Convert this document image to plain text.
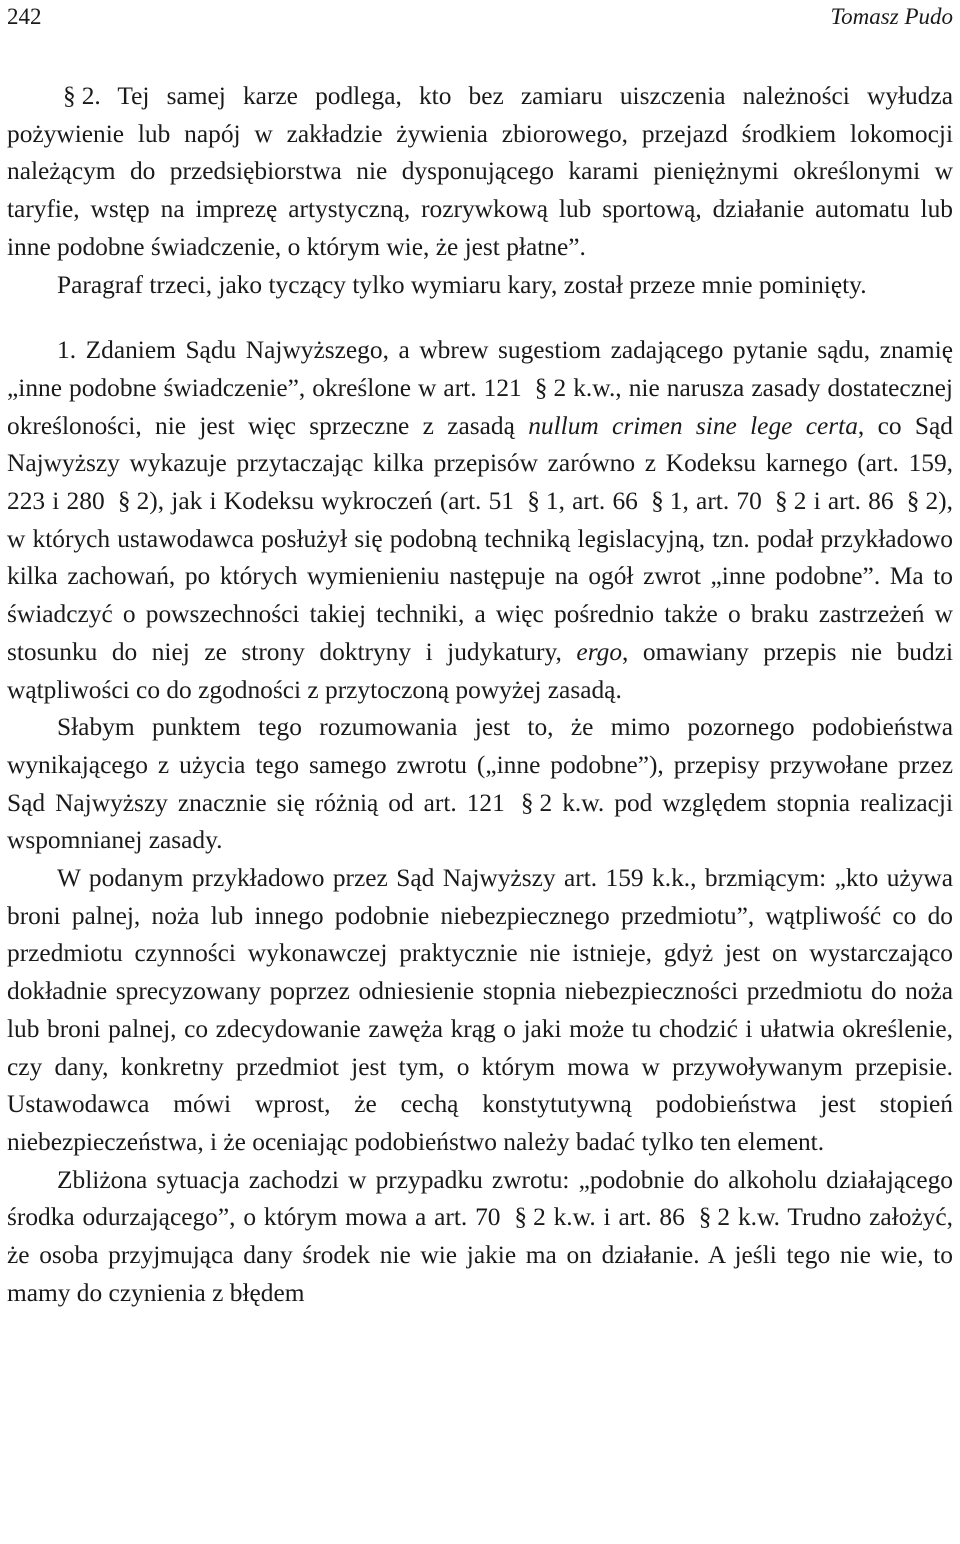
242	Tomasz Pudo

§ 2. Tej samej karze podlega, kto bez zamiaru uiszczenia należności wyłudza pożywienie lub napój w zakładzie żywienia zbiorowego, przejazd środkiem lokomocji należącym do przedsiębiorstwa nie dysponującego karami pieniężnymi określonymi w taryfie, wstęp na imprezę artystyczną, rozrywkową lub sportową, działanie automatu lub inne podobne świadczenie, o którym wie, że jest płatne”.

Paragraf trzeci, jako tyczący tylko wymiaru kary, został przeze mnie pominięty.

1. Zdaniem Sądu Najwyższego, a wbrew sugestiom zadającego pytanie sądu, znamię „inne podobne świadczenie”, określone w art. 121 § 2 k.w., nie narusza zasady dostatecznej określoności, nie jest więc sprzeczne z zasadą nullum crimen sine lege certa, co Sąd Najwyższy wykazuje przytaczając kilka przepisów zarówno z Kodeksu karnego (art. 159, 223 i 280 § 2), jak i Kodeksu wykroczeń (art. 51 § 1, art. 66 § 1, art. 70 § 2 i art. 86 § 2), w których ustawodawca posłużył się podobną techniką legislacyjną, tzn. podał przykładowo kilka zachowań, po których wymienieniu następuje na ogół zwrot „inne podobne”. Ma to świadczyć o powszechności takiej techniki, a więc pośrednio także o braku zastrzeżeń w stosunku do niej ze strony doktryny i judykatury, ergo, omawiany przepis nie budzi wątpliwości co do zgodności z przytoczoną powyżej zasadą.

Słabym punktem tego rozumowania jest to, że mimo pozornego podobieństwa wynikającego z użycia tego samego zwrotu („inne podobne”), przepisy przywołane przez Sąd Najwyższy znacznie się różnią od art. 121 § 2 k.w. pod względem stopnia realizacji wspomnianej zasady.

W podanym przykładowo przez Sąd Najwyższy art. 159 k.k., brzmiącym: „kto używa broni palnej, noża lub innego podobnie niebezpiecznego przedmiotu”, wątpliwość co do przedmiotu czynności wykonawczej praktycznie nie istnieje, gdyż jest on wystarczająco dokładnie sprecyzowany poprzez odniesienie stopnia niebezpieczności przedmiotu do noża lub broni palnej, co zdecydowanie zawęża krąg o jaki może tu chodzić i ułatwia określenie, czy dany, konkretny przedmiot jest tym, o którym mowa w przywoływanym przepisie. Ustawodawca mówi wprost, że cechą konstytutywną podobieństwa jest stopień niebezpieczeństwa, i że oceniając podobieństwo należy badać tylko ten element.

Zbliżona sytuacja zachodzi w przypadku zwrotu: „podobnie do alkoholu działającego środka odurzającego”, o którym mowa a art. 70 § 2 k.w. i art. 86 § 2 k.w. Trudno założyć, że osoba przyjmująca dany środek nie wie jakie ma on działanie. A jeśli tego nie wie, to mamy do czynienia z błędem
